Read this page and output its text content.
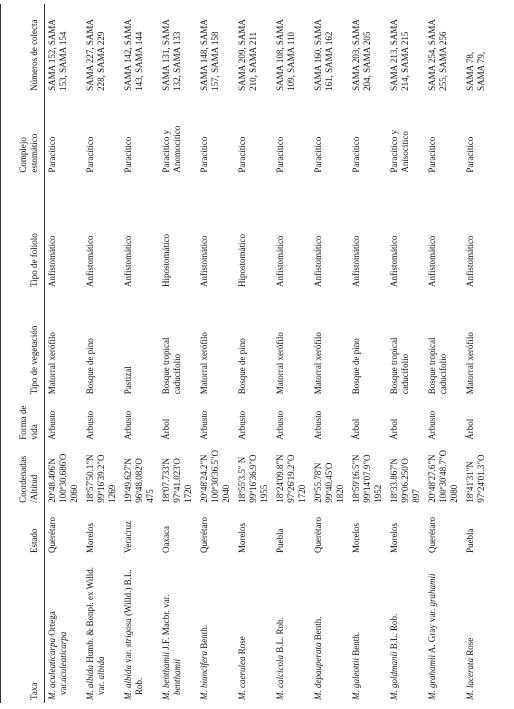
Taxa	Estado	Coordenadas
/Altitud	Forma de
vida	Tipo de vegetación	Tipo de foliolo	Complejo
estomático	Números de colecta
M. aculeaticarpa Ortega var.aculeaticarpa	Querétaro	20º48.406'N
100º30.686'O
2060	Arbusto	Matorral xerófilo	Anfistomático	Paracítico	SAMA 152, SAMA
153, SAMA 154
M. albida Humb. & Bonpl. ex Willd. var. albida	Morelos	18º57'50.1"N
99º16'39.2"O
1269	Arbusto	Bosque de pino	Anfistomático	Paracítico	SAMA 227, SAMA
228, SAMA 229
M. albida var. strigosa (Willd.) B.L. Rob.	Veracruz	19º49.627'N
96º48.082'O
475	Arbusto	Pastizal	Anfistomático	Paracítico	SAMA 142, SAMA
143, SAMA 144
M. benthamii J.F. Macbr. var. benthamii	Oaxaca	18º07.733'N
97º41.023'O
1720	Árbol	Bosque tropical
caducifolio	Hipostomático	Paracítico y
Anomocítico	SAMA 131, SAMA
132, SAMA 133
M. biuncifera Benth.	Querétaro	20º48'24.2"N
100º30'36.5"O
2040	Arbusto	Matorral xerófilo	Anfistomático	Paracítico	SAMA 148, SAMA
157, SAMA 158
M. caerulea Rose	Morelos	18º55'3.5" N
99º16'36.9"O
1955	Arbusto	Bosque de pino	Hipostomático	Paracítico	SAMA 209, SAMA
210, SAMA 211
M. calcicola B.L. Rob.	Puebla	18º24'09.8"N
97º26'19.2"O
1720	Arbusto	Matorral xerófilo	Anfistomático	Paracítico	SAMA 108, SAMA
109, SAMA 110
M. depauperata Benth.	Querétaro	20º55.78'N
99º40.45'O
1820	Arbusto	Matorral xerófilo	Anfistomático	Paracítico	SAMA 160, SAMA
161, SAMA 162
M. galeottii Benth.	Morelos	18º59'16.5"N
99º14'07.9"O
1952	Árbol	Bosque de pino	Anfistomático	Paracítico	SAMA 203, SAMA
204, SAMA 205
M. goldmanii B.L. Rob.	Morelos	18º33.867'N
99º06.250'O
897	Árbol	Bosque tropical
caducifolio	Anfistomático	Paracítico y
Anisocítico	SAMA 213, SAMA
214, SAMA 215
M. grahamii A. Gray var. grahamii	Querétaro	20º48'27.6"N
100º30'48.7"O
2080	Arbusto	Bosque tropical
caducifolio	Anfistomático	Paracítico	SAMA 254, SAMA
255, SAMA 256
M. lacerata Rose	Puebla	18º41'31"N
97º24'01.3"O	Árbol	Matorral xerófilo	Anfistomático	Paracítico	SAMA 78,
SAMA 79,
